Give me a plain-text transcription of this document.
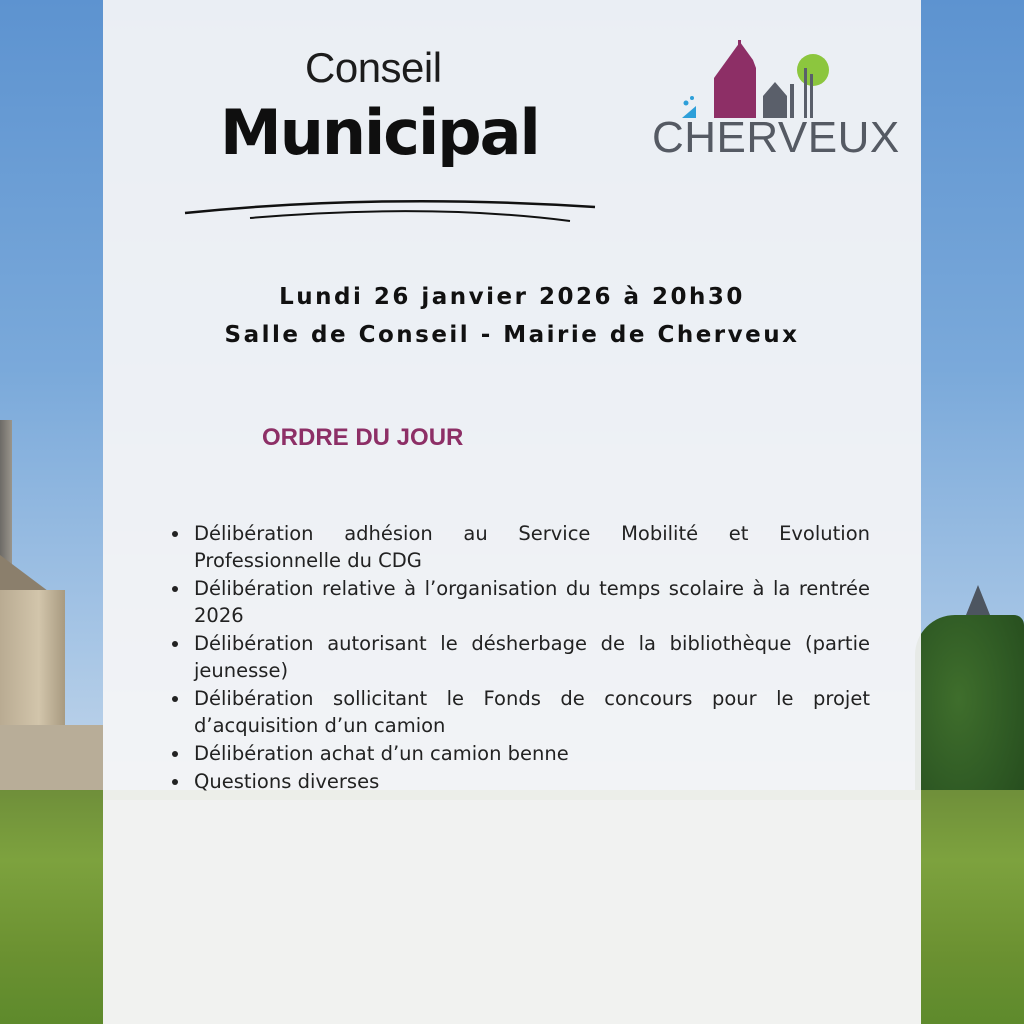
Conseil
Municipal	CHERVEUX
Lundi 26 janvier 2026 à 20h30
Salle de Conseil - Mairie de Cherveux
ORDRE DU JOUR
Délibération adhésion au Service Mobilité et Evolution Professionnelle du CDG
Délibération relative à l’organisation du temps scolaire à la rentrée 2026
Délibération autorisant le désherbage de la bibliothèque (partie jeunesse)
Délibération sollicitant le Fonds de concours pour le projet d’acquisition d’un camion
Délibération achat d’un camion benne
Questions diverses
